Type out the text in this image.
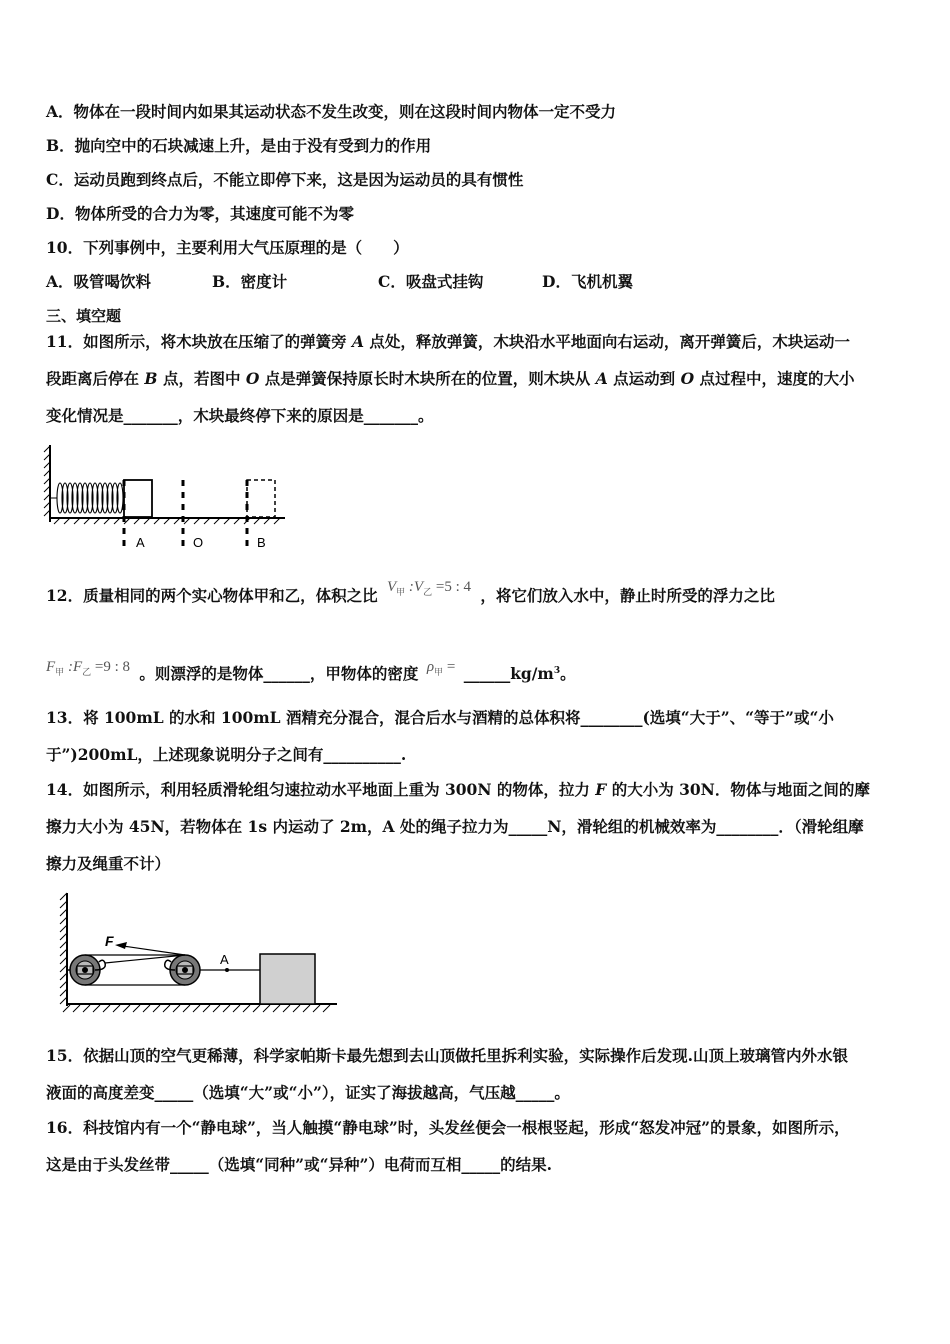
A．物体在一段时间内如果其运动状态不发生改变，则在这段时间内物体一定不受力
B．抛向空中的石块减速上升，是由于没有受到力的作用
C．运动员跑到终点后，不能立即停下来，这是因为运动员的具有惯性
D．物体所受的合力为零，其速度可能不为零
10．下列事例中，主要利用大气压原理的是（　　）
A．吸管喝饮料	B．密度计	C．吸盘式挂钩	D．飞机机翼
三、填空题
11．如图所示，将木块放在压缩了的弹簧旁 A 点处，释放弹簧，木块沿水平地面向右运动，离开弹簧后，木块运动一
段距离后停在 B 点，若图中 O 点是弹簧保持原长时木块所在的位置，则木块从 A 点运动到 O 点过程中，速度的大小
变化情况是_______，木块最终停下来的原因是_______。
A	O	B
12．质量相同的两个实心物体甲和乙，体积之比 $V_甲$ $:V_乙 =5$ : 4 ，将它们放入水中，静止时所受的浮力之比
$F_甲$ $:F_乙 =9$ : 8 。则漂浮的是物体______，甲物体的密度 $\rho_甲$ = $\_\_\_\_\_\_kg/m^3$。
13．将 100mL 的水和 100mL 酒精充分混合，混合后水与酒精的总体积将________(选填“大于”、“等于”或“小
于”)200mL，上述现象说明分子之间有__________.
14．如图所示，利用轻质滑轮组匀速拉动水平地面上重为 300N 的物体，拉力 F 的大小为 30N．物体与地面之间的摩
擦力大小为 45N，若物体在 1s 内运动了 2m，A 处的绳子拉力为_____N，滑轮组的机械效率为________．（滑轮组摩
擦力及绳重不计）
F
A
15．依据山顶的空气更稀薄，科学家帕斯卡最先想到去山顶做托里拆利实验，实际操作后发现.山顶上玻璃管内外水银
液面的高度差变_____（选填“大”或“小”），证实了海拔越高，气压越_____。
16．科技馆内有一个“静电球”，当人触摸“静电球”时，头发丝便会一根根竖起，形成“怒发冲冠”的景象，如图所示，
这是由于头发丝带_____（选填“同种”或“异种”）电荷而互相_____的结果.
